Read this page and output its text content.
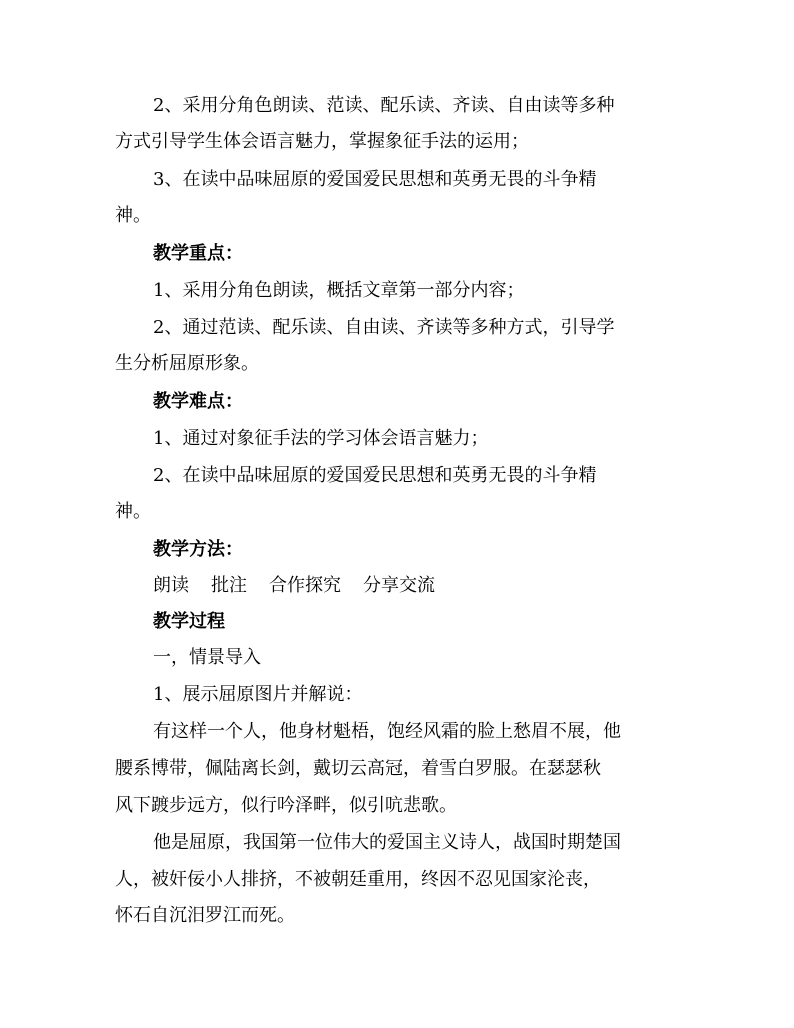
2、采用分角色朗读、范读、配乐读、齐读、自由读等多种

方式引导学生体会语言魅力，掌握象征手法的运用；

3、在读中品味屈原的爱国爱民思想和英勇无畏的斗争精

神。

教学重点：

1、采用分角色朗读，概括文章第一部分内容；

2、通过范读、配乐读、自由读、齐读等多种方式，引导学

生分析屈原形象。

教学难点：

1、通过对象征手法的学习体会语言魅力；

2、在读中品味屈原的爱国爱民思想和英勇无畏的斗争精

神。

教学方法：

朗读 批注 合作探究 分享交流

教学过程

一，情景导入

1、展示屈原图片并解说：

有这样一个人，他身材魁梧，饱经风霜的脸上愁眉不展，他

腰系博带，佩陆离长剑，戴切云高冠，着雪白罗服。在瑟瑟秋

风下踱步远方，似行吟泽畔，似引吭悲歌。

他是屈原，我国第一位伟大的爱国主义诗人，战国时期楚国

人，被奸佞小人排挤，不被朝廷重用，终因不忍见国家沦丧，

怀石自沉汨罗江而死。
